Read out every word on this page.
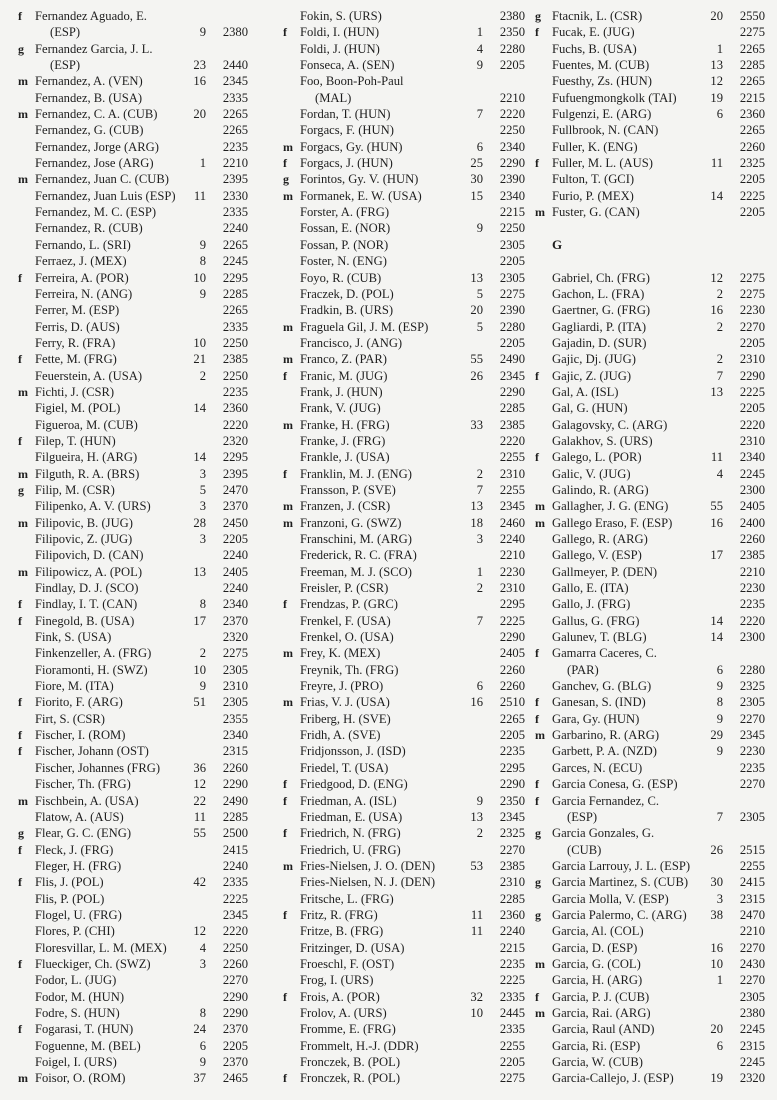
f	Fernandez Aguado, E.
(ESP)	9	2380
g Fernandez Garcia, J. L.
(ESP)	23	2440
m Fernandez, A. (VEN)	16	2345
Fernandez, B. (USA)	2335
m Fernandez, C. A. (CUB)	20	2265
Fernandez, G. (CUB)	2265
Fernandez, Jorge (ARG)	2235
Fernandez, Jose (ARG)	1	2210
m Fernandez, Juan C. (CUB)	2395
Fernandez, Juan Luis (ESP)	11	2330
Fernandez, M. C. (ESP)	2335
Fernandez, R. (CUB)	2240
Fernando, L. (SRI)	9	2265
Ferraez, J. (MEX)	8	2245
f	Ferreira, A. (POR)	10	2295
Ferreira, N. (ANG)	9	2285
Ferrer, M. (ESP)	2265
Ferris, D. (AUS)	2335
Ferry, R. (FRA)	10	2250
f	Fette, M. (FRG)	21	2385
Feuerstein, A. (USA)	2	2250
m Fichti, J. (CSR)	2235
Figiel, M. (POL)	14	2360
Figueroa, M. (CUB)	2220
f	Filep, T. (HUN)	2320
Filgueira, H. (ARG)	14	2295
m Filguth, R. A. (BRS)	3	2395
g Filip, M. (CSR)	5	2470
Filipenko, A. V. (URS)	3	2370
m Filipovic, B. (JUG)	28	2450
Filipovic, Z. (JUG)	3	2205
Filipovich, D. (CAN)	2240
m Filipowicz, A. (POL)	13	2405
Findlay, D. J. (SCO)	2240
f	Findlay, I. T. (CAN)	8	2340
f	Finegold, B. (USA)	17	2370
Fink, S. (USA)	2320
Finkenzeller, A. (FRG)	2	2275
Fioramonti, H. (SWZ)	10	2305
Fiore, M. (ITA)	9	2310
f	Fiorito, F. (ARG)	51	2305
Firt, S. (CSR)	2355
f	Fischer, I. (ROM)	2340
f	Fischer, Johann (OST)	2315
Fischer, Johannes (FRG)	36	2260
Fischer, Th. (FRG)	12	2290
m Fischbein, A. (USA)	22	2490
Flatow, A. (AUS)	11	2285
g Flear, G. C. (ENG)	55	2500
f	Fleck, J. (FRG)	2415
Fleger, H. (FRG)	2240
f	Flis, J. (POL)	42	2335
Flis, P. (POL)	2225
Flogel, U. (FRG)	2345
Flores, P. (CHI)	12	2220
Floresvillar, L. M. (MEX)	4	2250
f	Flueckiger, Ch. (SWZ)	3	2260
Fodor, L. (JUG)	2270
Fodor, M. (HUN)	2290
Fodre, S. (HUN)	8	2290
f	Fogarasi, T. (HUN)	24	2370
Foguenne, M. (BEL)	6	2205
Foigel, I. (URS)	9	2370
m Foisor, O. (ROM)	37	2465
Fokin, S. (URS)	2380
f	Foldi, I. (HUN)	1	2350
Foldi, J. (HUN)	4	2280
Fonseca, A. (SEN)	9	2205
Foo, Boon-Poh-Paul
(MAL)	2210
Fordan, T. (HUN)	7	2220
Forgacs, F. (HUN)	2250
m Forgacs, Gy. (HUN)	6	2340
f	Forgacs, J. (HUN)	25	2290
g Forintos, Gy. V. (HUN)	30	2390
m Formanek, E. W. (USA)	15	2340
Forster, A. (FRG)	2215
Fossan, E. (NOR)	9	2250
Fossan, P. (NOR)	2305
Foster, N. (ENG)	2205
Foyo, R. (CUB)	13	2305
Fraczek, D. (POL)	5	2275
Fradkin, B. (URS)	20	2390
m Fraguela Gil, J. M. (ESP)	5	2280
Francisco, J. (ANG)	2205
m Franco, Z. (PAR)	55	2490
f	Franic, M. (JUG)	26	2345
Frank, J. (HUN)	2290
Frank, V. (JUG)	2285
m Franke, H. (FRG)	33	2385
Franke, J. (FRG)	2220
Frankle, J. (USA)	2255
f	Franklin, M. J. (ENG)	2	2310
Fransson, P. (SVE)	7	2255
m Franzen, J. (CSR)	13	2345
m Franzoni, G. (SWZ)	18	2460
Franschini, M. (ARG)	3	2240
Frederick, R. C. (FRA)	2210
Freeman, M. J. (SCO)	1	2230
Freisler, P. (CSR)	2	2310
f	Frendzas, P. (GRC)	2295
Frenkel, F. (USA)	7	2225
Frenkel, O. (USA)	2290
m Frey, K. (MEX)	2405
Freynik, Th. (FRG)	2260
Freyre, J. (PRO)	6	2260
m Frias, V. J. (USA)	16	2510
Friberg, H. (SVE)	2265
Fridh, A. (SVE)	2205
Fridjonsson, J. (ISD)	2235
Friedel, T. (USA)	2295
f	Friedgood, D. (ENG)	2290
f	Friedman, A. (ISL)	9	2350
Friedman, E. (USA)	13	2345
f	Friedrich, N. (FRG)	2	2325
Friedrich, U. (FRG)	2270
m Fries-Nielsen, J. O. (DEN)	53	2385
Fries-Nielsen, N. J. (DEN)	2310
Fritsche, L. (FRG)	2285
f	Fritz, R. (FRG)	11	2360
Fritze, B. (FRG)	11	2240
Fritzinger, D. (USA)	2215
Froeschl, F. (OST)	2235
Frog, I. (URS)	2225
f	Frois, A. (POR)	32	2335
Frolov, A. (URS)	10	2445
Fromme, E. (FRG)	2335
Frommelt, H.-J. (DDR)	2255
Fronczek, B. (POL)	2205
f	Fronczek, R. (POL)	2275
g Ftacnik, L. (CSR)	20	2550
f	Fucak, E. (JUG)	2275
Fuchs, B. (USA)	1	2265
Fuentes, M. (CUB)	13	2285
Fuesthy, Zs. (HUN)	12	2265
Fufuengmongkolk (TAI)	19	2215
Fulgenzi, E. (ARG)	6	2360
Fullbrook, N. (CAN)	2265
Fuller, K. (ENG)	2260
f	Fuller, M. L. (AUS)	11	2325
Fulton, T. (GCI)	2205
Furio, P. (MEX)	14	2225
m Fuster, G. (CAN)	2205
G
Gabriel, Ch. (FRG)	12	2275
Gachon, L. (FRA)	2	2275
Gaertner, G. (FRG)	16	2230
Gagliardi, P. (ITA)	2	2270
Gajadin, D. (SUR)	2205
Gajic, Dj. (JUG)	2	2310
f	Gajic, Z. (JUG)	7	2290
Gal, A. (ISL)	13	2225
Gal, G. (HUN)	2205
Galagovsky, C. (ARG)	2220
Galakhov, S. (URS)	2310
f	Galego, L. (POR)	11	2340
Galic, V. (JUG)	4	2245
Galindo, R. (ARG)	2300
m Gallagher, J. G. (ENG)	55	2405
m Gallego Eraso, F. (ESP)	16	2400
Gallego, R. (ARG)	2260
Gallego, V. (ESP)	17	2385
Gallmeyer, P. (DEN)	2210
Gallo, E. (ITA)	2230
Gallo, J. (FRG)	2235
Gallus, G. (FRG)	14	2220
Galunev, T. (BLG)	14	2300
f	Gamarra Caceres, C.
(PAR)	6	2280
Ganchev, G. (BLG)	9	2325
f	Ganesan, S. (IND)	8	2305
f	Gara, Gy. (HUN)	9	2270
m Garbarino, R. (ARG)	29	2345
Garbett, P. A. (NZD)	9	2230
Garces, N. (ECU)	2235
f	Garcia Conesa, G. (ESP)	2270
f	Garcia Fernandez, C.
(ESP)	7	2305
g Garcia Gonzales, G.
(CUB)	26	2515
Garcia Larrouy, J. L. (ESP)	2255
g Garcia Martinez, S. (CUB)	30	2415
Garcia Molla, V. (ESP)	3	2315
g Garcia Palermo, C. (ARG)	38	2470
Garcia, Al. (COL)	2210
Garcia, D. (ESP)	16	2270
m Garcia, G. (COL)	10	2430
Garcia, H. (ARG)	1	2270
f	Garcia, P. J. (CUB)	2305
m Garcia, Rai. (ARG)	2380
Garcia, Raul (AND)	20	2245
Garcia, Ri. (ESP)	6	2315
Garcia, W. (CUB)	2245
Garcia-Callejo, J. (ESP)	19	2320
